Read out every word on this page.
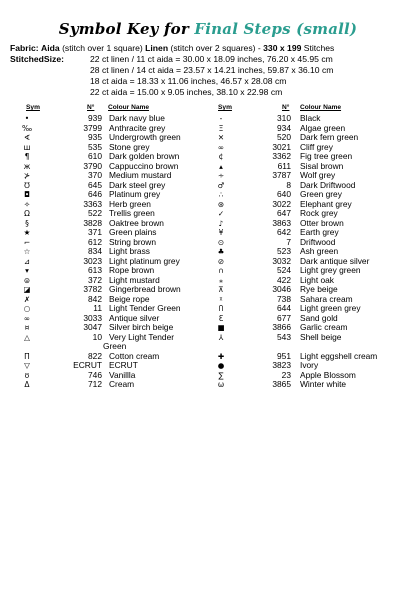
Symbol Key for Final Steps (small)
Fabric: Aida (stitch over 1 square) Linen (stitch over 2 squares) - 330 x 199 Stitches
StitchedSize:	22 ct linen / 11 ct aida = 30.00 x 18.09 inches, 76.20 x 45.95 cm
28 ct linen / 14 ct aida = 23.57 x 14.21 inches, 59.87 x 36.10 cm
18 ct aida = 18.33 x 11.06 inches, 46.57 x 28.08 cm
22 ct aida = 15.00 x 9.05 inches, 38.10 x 22.98 cm
Sym	N° Colour Name	Sym	N° Colour Name
•	939 Dark navy blue
‰	3799 Anthracite grey
∢	935 Undergrowth green
ш	535 Stone grey
¶	610 Dark golden brown
ж	3790 Cappuccino brown
⊁	370 Medium mustard
℧	645 Dark steel grey
◘	646 Platinum grey
✧	3363 Herb green
Ω	522 Trellis green
§	3828 Oaktree brown
★	371 Green plains
⌐	612 String brown
☆	834 Light brass
⊿	3023 Light platinum grey
▾	613 Rope brown
⊜	372 Light mustard
◪	3782 Gingerbread brown
✗	842 Beige rope
○	11 Light Tender Green
∞	3033 Antique silver
¤	3047 Silver birch beige
△	10 Very Light Tender
Green
Π	822 Cotton cream
▽	ECRUT ECRUT
ʊ	746 Vanillla
Δ	712 Cream
-	310 Black
Ξ	934 Algae green
✕	520 Dark fern green
∞	3021 Cliff grey
¢	3362 Fig tree green
▴	611 Sisal brown
∻	3787 Wolf grey
♂	8 Dark Driftwood
∴	640 Green grey
⊛	3022 Elephant grey
✓	647 Rock grey
♪	3863 Otter brown
¥	642 Earth grey
⊙	7 Driftwood
♣	523 Ash green
⊘	3032 Dark antique silver
∩	524 Light grey green
⁎	422 Light oak
⊼	3046 Rye beige
ᵡ	738 Sahara cream
Ⴖ	644 Light green grey
Ɛ	677 Sand gold
■	3866 Garlic cream
⅄	543 Shell beige
✚	951 Light eggshell cream
●	3823 Ivory
∑	23 Apple Blossom
ω	3865 Winter white
